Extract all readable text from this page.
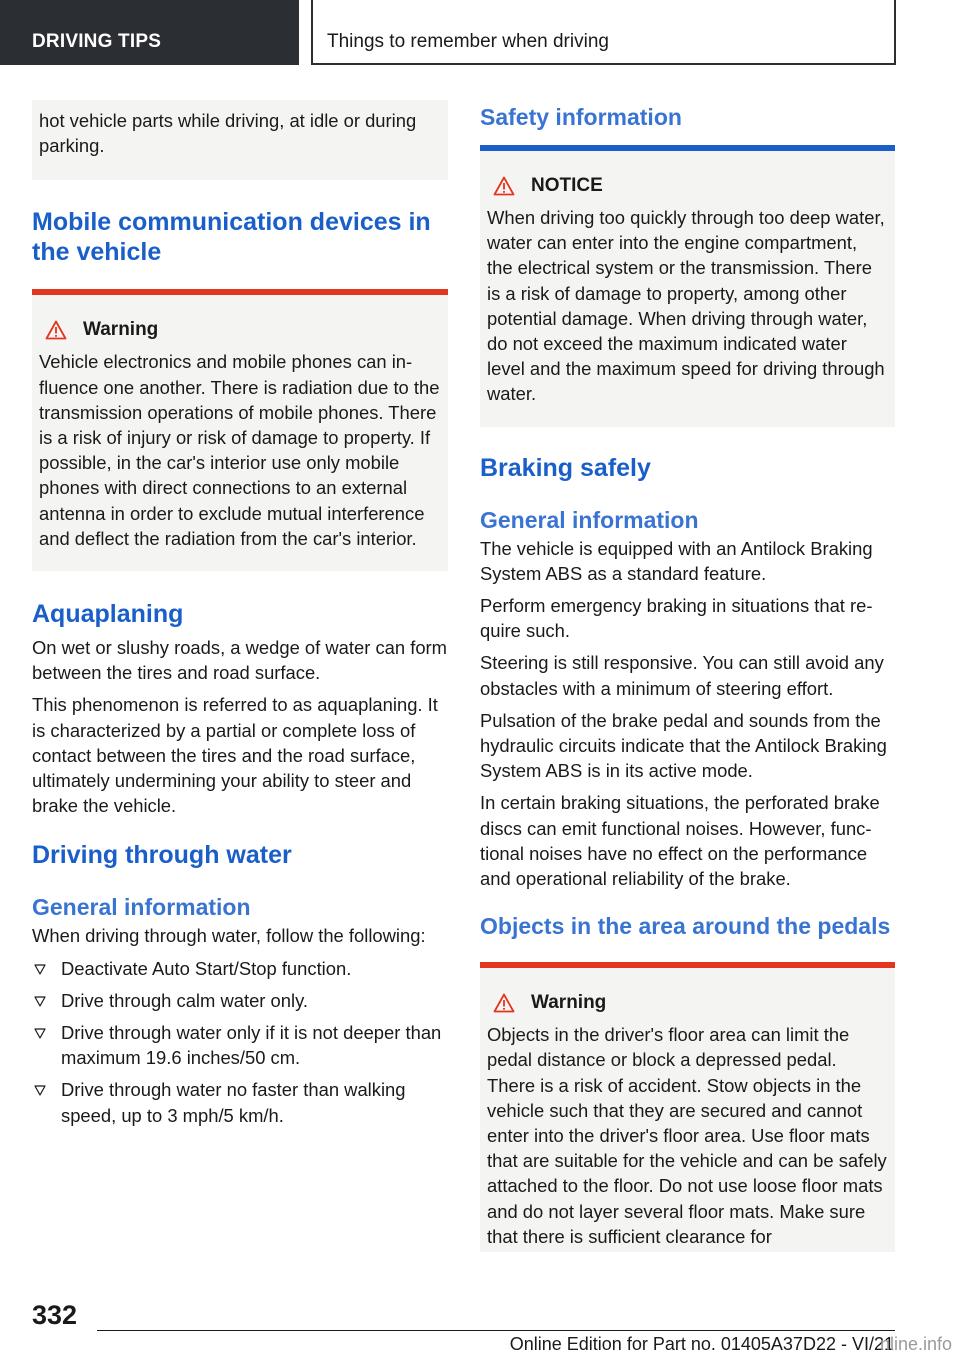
DRIVING TIPS	Things to remember when driving

hot vehicle parts while driving, at idle or during parking.

Mobile communication devices in the vehicle
Warning

Vehicle electronics and mobile phones can influence one another. There is radiation due to the transmission operations of mobile phones. There is a risk of injury or risk of damage to property. If possible, in the car's interior use only mobile phones with direct connections to an external antenna in order to exclude mutual interference and deflect the radiation from the car's interior.

Aquaplaning

On wet or slushy roads, a wedge of water can form between the tires and road surface.

This phenomenon is referred to as aquaplaning. It is characterized by a partial or complete loss of contact between the tires and the road surface, ultimately undermining your ability to steer and brake the vehicle.

Driving through water
General information

When driving through water, follow the following:

Deactivate Auto Start/Stop function.
Drive through calm water only.
Drive through water only if it is not deeper than maximum 19.6 inches/50 cm.
Drive through water no faster than walking speed, up to 3 mph/5 km/h.
Safety information
NOTICE

When driving too quickly through too deep water, water can enter into the engine compartment, the electrical system or the transmission. There is a risk of damage to property, among other potential damage. When driving through water, do not exceed the maximum indicated water level and the maximum speed for driving through water.

Braking safely
General information

The vehicle is equipped with an Antilock Braking System ABS as a standard feature.

Perform emergency braking in situations that require such.

Steering is still responsive. You can still avoid any obstacles with a minimum of steering effort.

Pulsation of the brake pedal and sounds from the hydraulic circuits indicate that the Antilock Braking System ABS is in its active mode.

In certain braking situations, the perforated brake discs can emit functional noises. However, functional noises have no effect on the performance and operational reliability of the brake.

Objects in the area around the pedals
Warning

Objects in the driver's floor area can limit the pedal distance or block a depressed pedal. There is a risk of accident. Stow objects in the vehicle such that they are secured and cannot enter into the driver's floor area. Use floor mats that are suitable for the vehicle and can be safely attached to the floor. Do not use loose floor mats and do not layer several floor mats. Make sure that there is sufficient clearance for

332
Online Edition for Part no. 01405A37D22 - VI/21
nline.info
